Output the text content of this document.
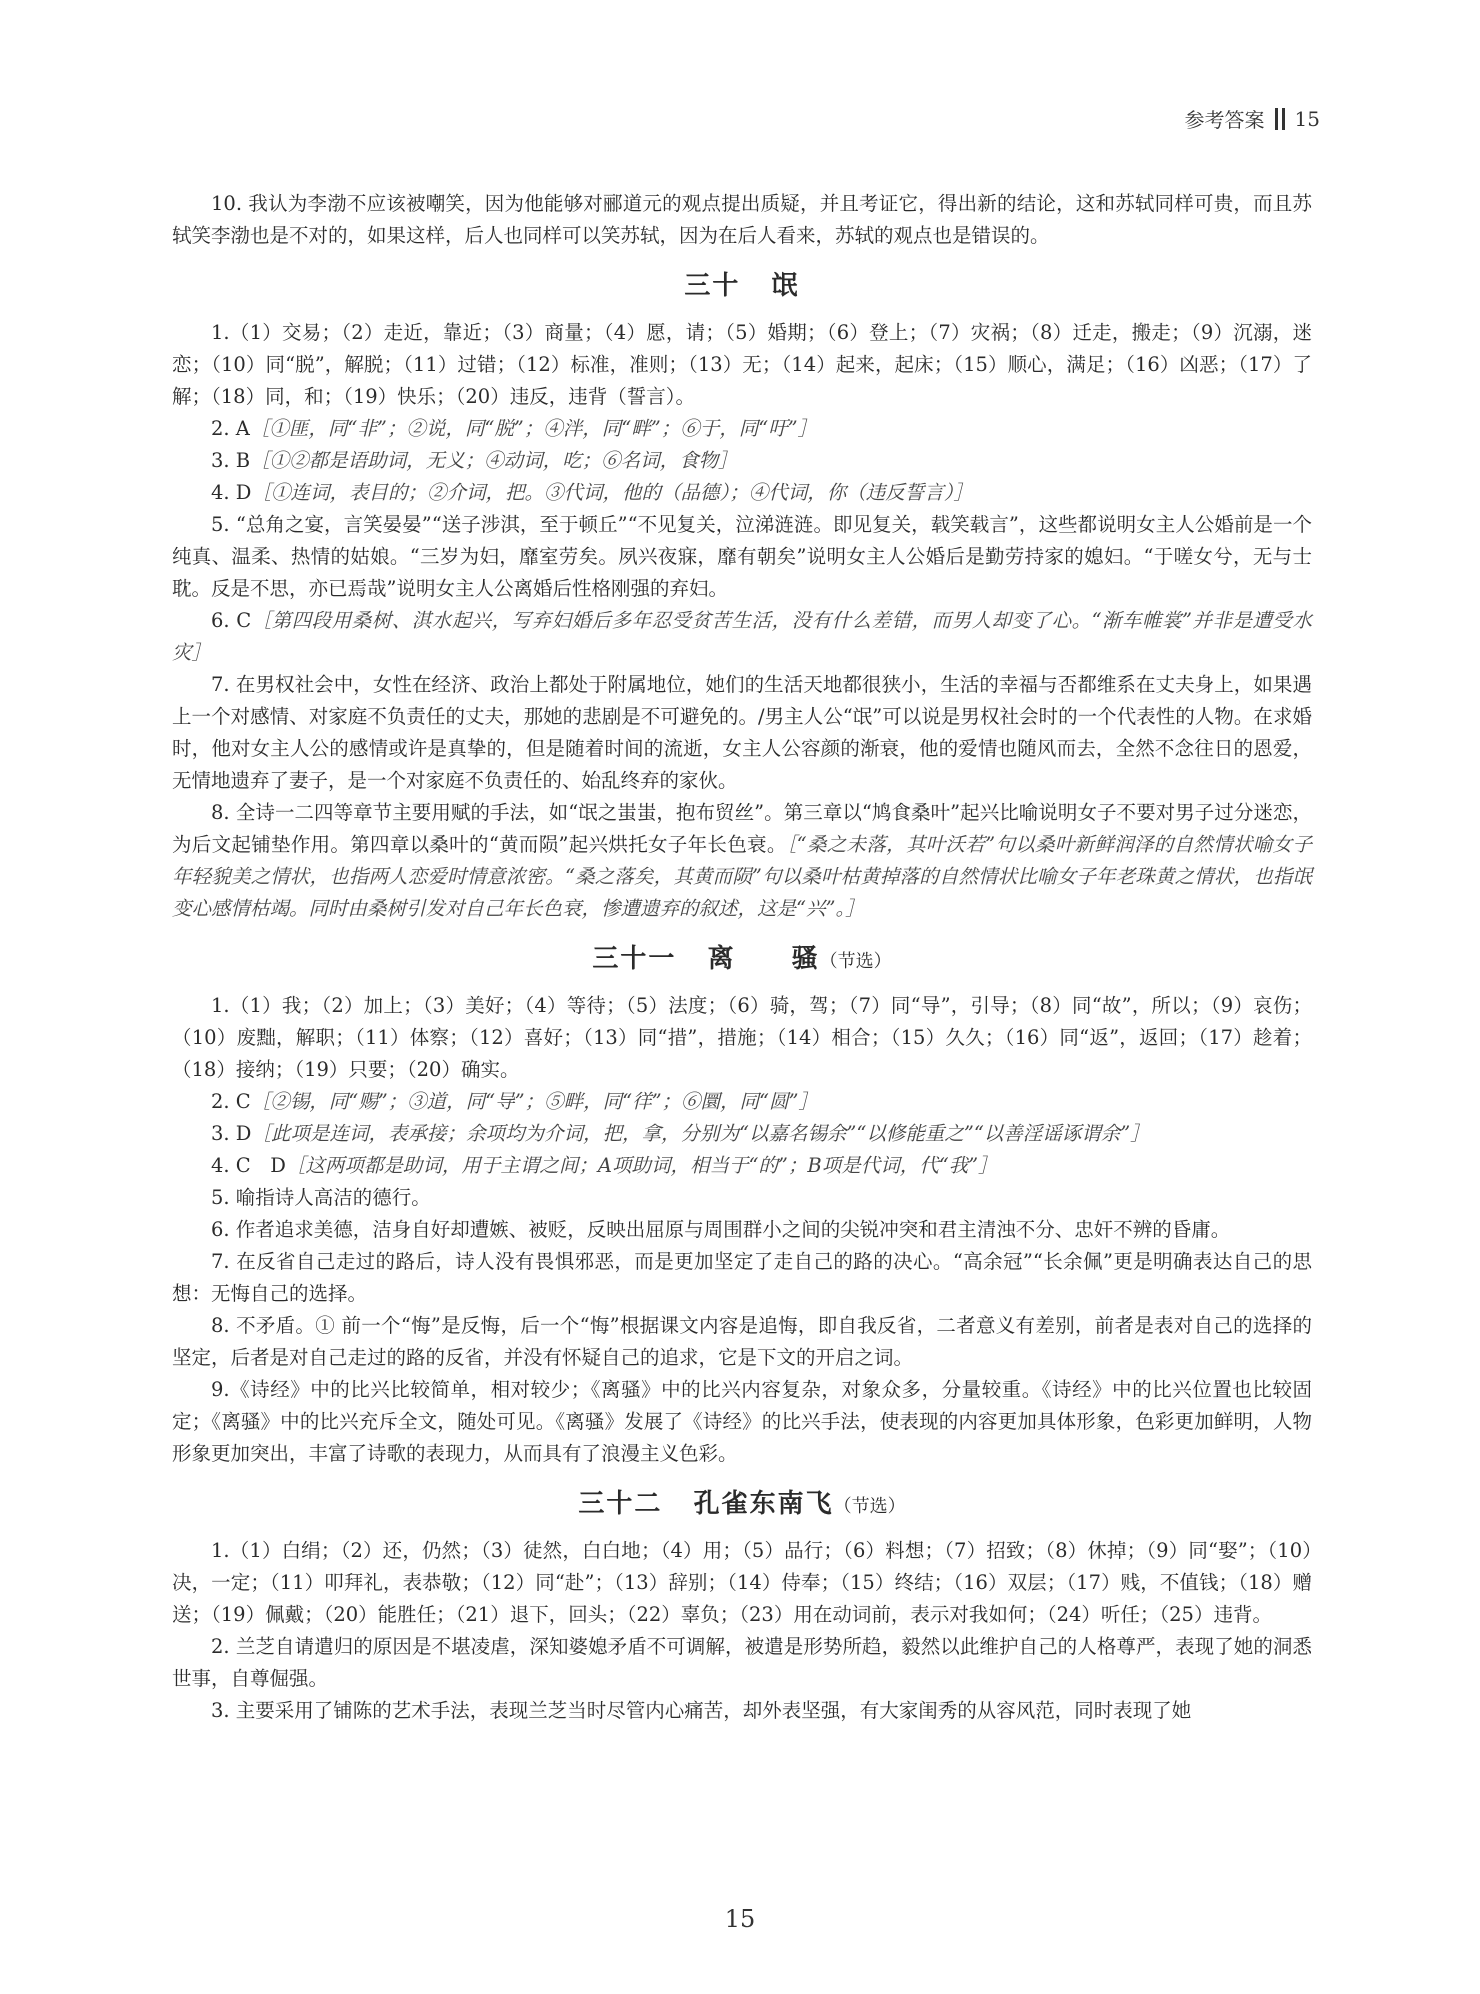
参考答案 15

10. 我认为李渤不应该被嘲笑，因为他能够对郦道元的观点提出质疑，并且考证它，得出新的结论，这和苏轼同样可贵，而且苏轼笑李渤也是不对的，如果这样，后人也同样可以笑苏轼，因为在后人看来，苏轼的观点也是错误的。

三十 氓

1.（1）交易；（2）走近，靠近；（3）商量；（4）愿，请；（5）婚期；（6）登上；（7）灾祸；（8）迁走，搬走；（9）沉溺，迷恋；（10）同“脱”，解脱；（11）过错；（12）标准，准则；（13）无；（14）起来，起床；（15）顺心，满足；（16）凶恶；（17）了解；（18）同，和；（19）快乐；（20）违反，违背（誓言）。

2. A［①匪，同“非”；②说，同“脱”；④泮，同“畔”；⑥于，同“吁”］

3. B［①②都是语助词，无义；④动词，吃；⑥名词，食物］

4. D［①连词，表目的；②介词，把。③代词，他的（品德）；④代词，你（违反誓言）］

5. “总角之宴，言笑晏晏”“送子涉淇，至于顿丘”“不见复关，泣涕涟涟。即见复关，载笑载言”，这些都说明女主人公婚前是一个纯真、温柔、热情的姑娘。“三岁为妇，靡室劳矣。夙兴夜寐，靡有朝矣”说明女主人公婚后是勤劳持家的媳妇。“于嗟女兮，无与士耽。反是不思，亦已焉哉”说明女主人公离婚后性格刚强的弃妇。

6. C［第四段用桑树、淇水起兴，写弃妇婚后多年忍受贫苦生活，没有什么差错，而男人却变了心。“渐车帷裳”并非是遭受水灾］

7. 在男权社会中，女性在经济、政治上都处于附属地位，她们的生活天地都很狭小，生活的幸福与否都维系在丈夫身上，如果遇上一个对感情、对家庭不负责任的丈夫，那她的悲剧是不可避免的。/男主人公“氓”可以说是男权社会时的一个代表性的人物。在求婚时，他对女主人公的感情或许是真挚的，但是随着时间的流逝，女主人公容颜的渐衰，他的爱情也随风而去，全然不念往日的恩爱，无情地遗弃了妻子，是一个对家庭不负责任的、始乱终弃的家伙。

8. 全诗一二四等章节主要用赋的手法，如“氓之蚩蚩，抱布贸丝”。第三章以“鸠食桑叶”起兴比喻说明女子不要对男子过分迷恋，为后文起铺垫作用。第四章以桑叶的“黄而陨”起兴烘托女子年长色衰。［“桑之未落，其叶沃若”句以桑叶新鲜润泽的自然情状喻女子年轻貌美之情状，也指两人恋爱时情意浓密。“桑之落矣，其黄而陨”句以桑叶枯黄掉落的自然情状比喻女子年老珠黄之情状，也指氓变心感情枯竭。同时由桑树引发对自己年长色衰，惨遭遗弃的叙述，这是“兴”。］

三十一 离　　骚（节选）

1.（1）我；（2）加上；（3）美好；（4）等待；（5）法度；（6）骑，驾；（7）同“导”，引导；（8）同“故”，所以；（9）哀伤；（10）废黜，解职；（11）体察；（12）喜好；（13）同“措”，措施；（14）相合；（15）久久；（16）同“返”，返回；（17）趁着；（18）接纳；（19）只要；（20）确实。

2. C［②锡，同“赐”；③道，同“导”；⑤畔，同“徉”；⑥圜，同“圆”］

3. D［此项是连词，表承接；余项均为介词，把，拿，分别为“以嘉名锡余”“以修能重之”“以善淫谣诼谓余”］

4. C　D［这两项都是助词，用于主谓之间；A项助词，相当于“的”；B项是代词，代“我”］

5. 喻指诗人高洁的德行。

6. 作者追求美德，洁身自好却遭嫉、被贬，反映出屈原与周围群小之间的尖锐冲突和君主清浊不分、忠奸不辨的昏庸。

7. 在反省自己走过的路后，诗人没有畏惧邪恶，而是更加坚定了走自己的路的决心。“高余冠”“长余佩”更是明确表达自己的思想：无悔自己的选择。

8. 不矛盾。① 前一个“悔”是反悔，后一个“悔”根据课文内容是追悔，即自我反省，二者意义有差别，前者是表对自己的选择的坚定，后者是对自己走过的路的反省，并没有怀疑自己的追求，它是下文的开启之词。

9.《诗经》中的比兴比较简单，相对较少；《离骚》中的比兴内容复杂，对象众多，分量较重。《诗经》中的比兴位置也比较固定；《离骚》中的比兴充斥全文，随处可见。《离骚》发展了《诗经》的比兴手法，使表现的内容更加具体形象，色彩更加鲜明，人物形象更加突出，丰富了诗歌的表现力，从而具有了浪漫主义色彩。

三十二 孔雀东南飞（节选）

1.（1）白绢；（2）还，仍然；（3）徒然，白白地；（4）用；（5）品行；（6）料想；（7）招致；（8）休掉；（9）同“娶”；（10）决，一定；（11）叩拜礼，表恭敬；（12）同“赴”；（13）辞别；（14）侍奉；（15）终结；（16）双层；（17）贱，不值钱；（18）赠送；（19）佩戴；（20）能胜任；（21）退下，回头；（22）辜负；（23）用在动词前，表示对我如何；（24）听任；（25）违背。

2. 兰芝自请遣归的原因是不堪凌虐，深知婆媳矛盾不可调解，被遣是形势所趋，毅然以此维护自己的人格尊严，表现了她的洞悉世事，自尊倔强。

3. 主要采用了铺陈的艺术手法，表现兰芝当时尽管内心痛苦，却外表坚强，有大家闺秀的从容风范，同时表现了她

15
